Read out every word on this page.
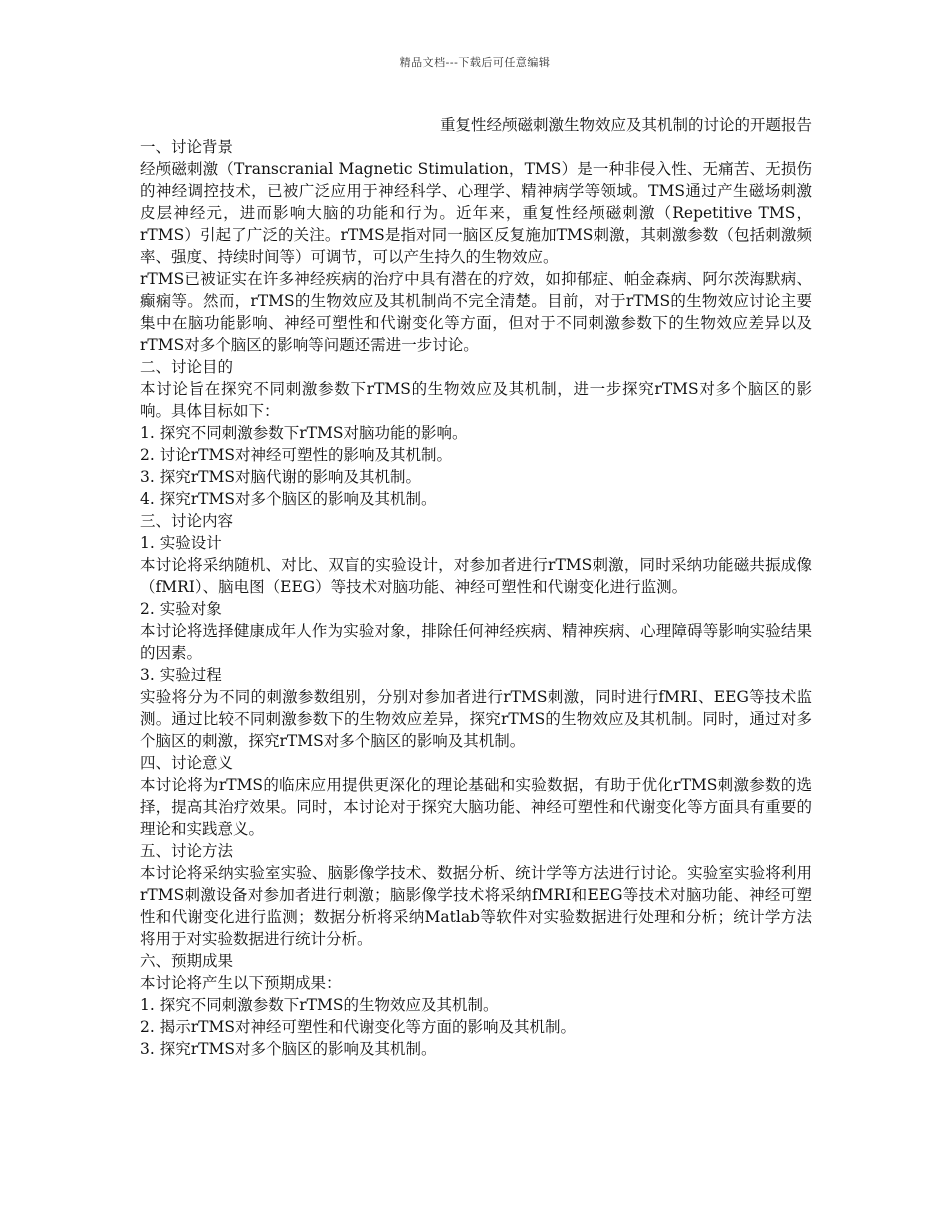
精品文档---下载后可任意编辑

重复性经颅磁刺激生物效应及其机制的讨论的开题报告

一、讨论背景

经颅磁刺激（Transcranial Magnetic Stimulation，TMS）是一种非侵入性、无痛苦、无损伤的神经调控技术，已被广泛应用于神经科学、心理学、精神病学等领域。TMS通过产生磁场刺激皮层神经元，进而影响大脑的功能和行为。近年来，重复性经颅磁刺激（Repetitive TMS，rTMS）引起了广泛的关注。rTMS是指对同一脑区反复施加TMS刺激，其刺激参数（包括刺激频率、强度、持续时间等）可调节，可以产生持久的生物效应。

rTMS已被证实在许多神经疾病的治疗中具有潜在的疗效，如抑郁症、帕金森病、阿尔茨海默病、癫痫等。然而，rTMS的生物效应及其机制尚不完全清楚。目前，对于rTMS的生物效应讨论主要集中在脑功能影响、神经可塑性和代谢变化等方面，但对于不同刺激参数下的生物效应差异以及rTMS对多个脑区的影响等问题还需进一步讨论。

二、讨论目的

本讨论旨在探究不同刺激参数下rTMS的生物效应及其机制，进一步探究rTMS对多个脑区的影响。具体目标如下：

1. 探究不同刺激参数下rTMS对脑功能的影响。

2. 讨论rTMS对神经可塑性的影响及其机制。

3. 探究rTMS对脑代谢的影响及其机制。

4. 探究rTMS对多个脑区的影响及其机制。

三、讨论内容

1. 实验设计

本讨论将采纳随机、对比、双盲的实验设计，对参加者进行rTMS刺激，同时采纳功能磁共振成像（fMRI）、脑电图（EEG）等技术对脑功能、神经可塑性和代谢变化进行监测。

2. 实验对象

本讨论将选择健康成年人作为实验对象，排除任何神经疾病、精神疾病、心理障碍等影响实验结果的因素。

3. 实验过程

实验将分为不同的刺激参数组别，分别对参加者进行rTMS刺激，同时进行fMRI、EEG等技术监测。通过比较不同刺激参数下的生物效应差异，探究rTMS的生物效应及其机制。同时，通过对多个脑区的刺激，探究rTMS对多个脑区的影响及其机制。

四、讨论意义

本讨论将为rTMS的临床应用提供更深化的理论基础和实验数据，有助于优化rTMS刺激参数的选择，提高其治疗效果。同时，本讨论对于探究大脑功能、神经可塑性和代谢变化等方面具有重要的理论和实践意义。

五、讨论方法

本讨论将采纳实验室实验、脑影像学技术、数据分析、统计学等方法进行讨论。实验室实验将利用rTMS刺激设备对参加者进行刺激；脑影像学技术将采纳fMRI和EEG等技术对脑功能、神经可塑性和代谢变化进行监测；数据分析将采纳Matlab等软件对实验数据进行处理和分析；统计学方法将用于对实验数据进行统计分析。

六、预期成果

本讨论将产生以下预期成果：

1. 探究不同刺激参数下rTMS的生物效应及其机制。

2. 揭示rTMS对神经可塑性和代谢变化等方面的影响及其机制。

3. 探究rTMS对多个脑区的影响及其机制。
